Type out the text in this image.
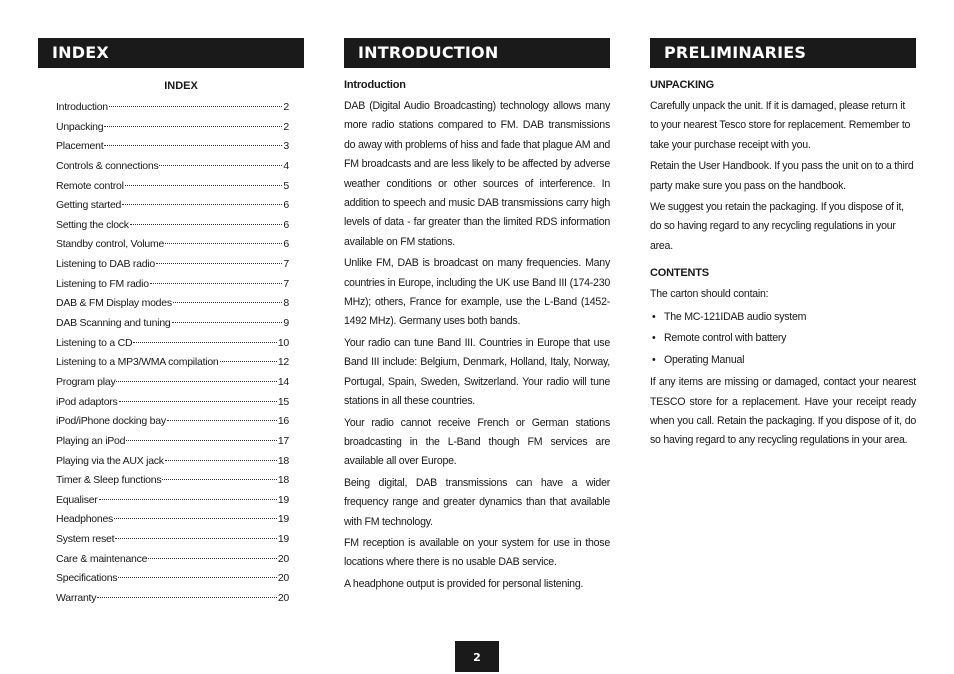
INDEX
INDEX
Introduction	2
Unpacking	2
Placement	3
Controls & connections	4
Remote control	5
Getting started	6
Setting the clock	6
Standby control, Volume	6
Listening to DAB radio	7
Listening to FM radio	7
DAB & FM Display modes	8
DAB Scanning and tuning	9
Listening to a CD	10
Listening to a MP3/WMA compilation	12
Program play	14
iPod adaptors	15
iPod/iPhone docking bay	16
Playing an iPod	17
Playing via the AUX jack	18
Timer & Sleep functions	18
Equaliser	19
Headphones	19
System reset	19
Care & maintenance	20
Specifications	20
Warranty	20
INTRODUCTION
Introduction

DAB (Digital Audio Broadcasting) technology allows many more radio stations compared to FM. DAB transmissions do away with problems of hiss and fade that plague AM and FM broadcasts and are less likely to be affected by adverse weather conditions or other sources of interference. In addition to speech and music DAB transmissions carry high levels of data - far greater than the limited RDS information available on FM stations.

Unlike FM, DAB is broadcast on many frequencies. Many countries in Europe, including the UK use Band III (174-230 MHz); others, France for example, use the L-Band (1452-1492 MHz). Germany uses both bands.

Your radio can tune Band III. Countries in Europe that use Band III include: Belgium, Denmark, Holland, Italy, Norway, Portugal, Spain, Sweden, Switzerland. Your radio will tune stations in all these countries.

Your radio cannot receive French or German stations broadcasting in the L-Band though FM services are available all over Europe.

Being digital, DAB transmissions can have a wider frequency range and greater dynamics than that available with FM technology.

FM reception is available on your system for use in those locations where there is no usable DAB service.

A headphone output is provided for personal listening.

PRELIMINARIES
UNPACKING

Carefully unpack the unit. If it is damaged, please return it to your nearest Tesco store for replacement. Remember to take your purchase receipt with you.

Retain the User Handbook. If you pass the unit on to a third party make sure you pass on the handbook.

We suggest you retain the packaging. If you dispose of it, do so having regard to any recycling regulations in your area.

CONTENTS

The carton should contain:

• The MC-121IDAB audio system
• Remote control with battery
• Operating Manual

If any items are missing or damaged, contact your nearest TESCO store for a replacement. Have your receipt ready when you call. Retain the packaging. If you dispose of it, do so having regard to any recycling regulations in your area.

2
